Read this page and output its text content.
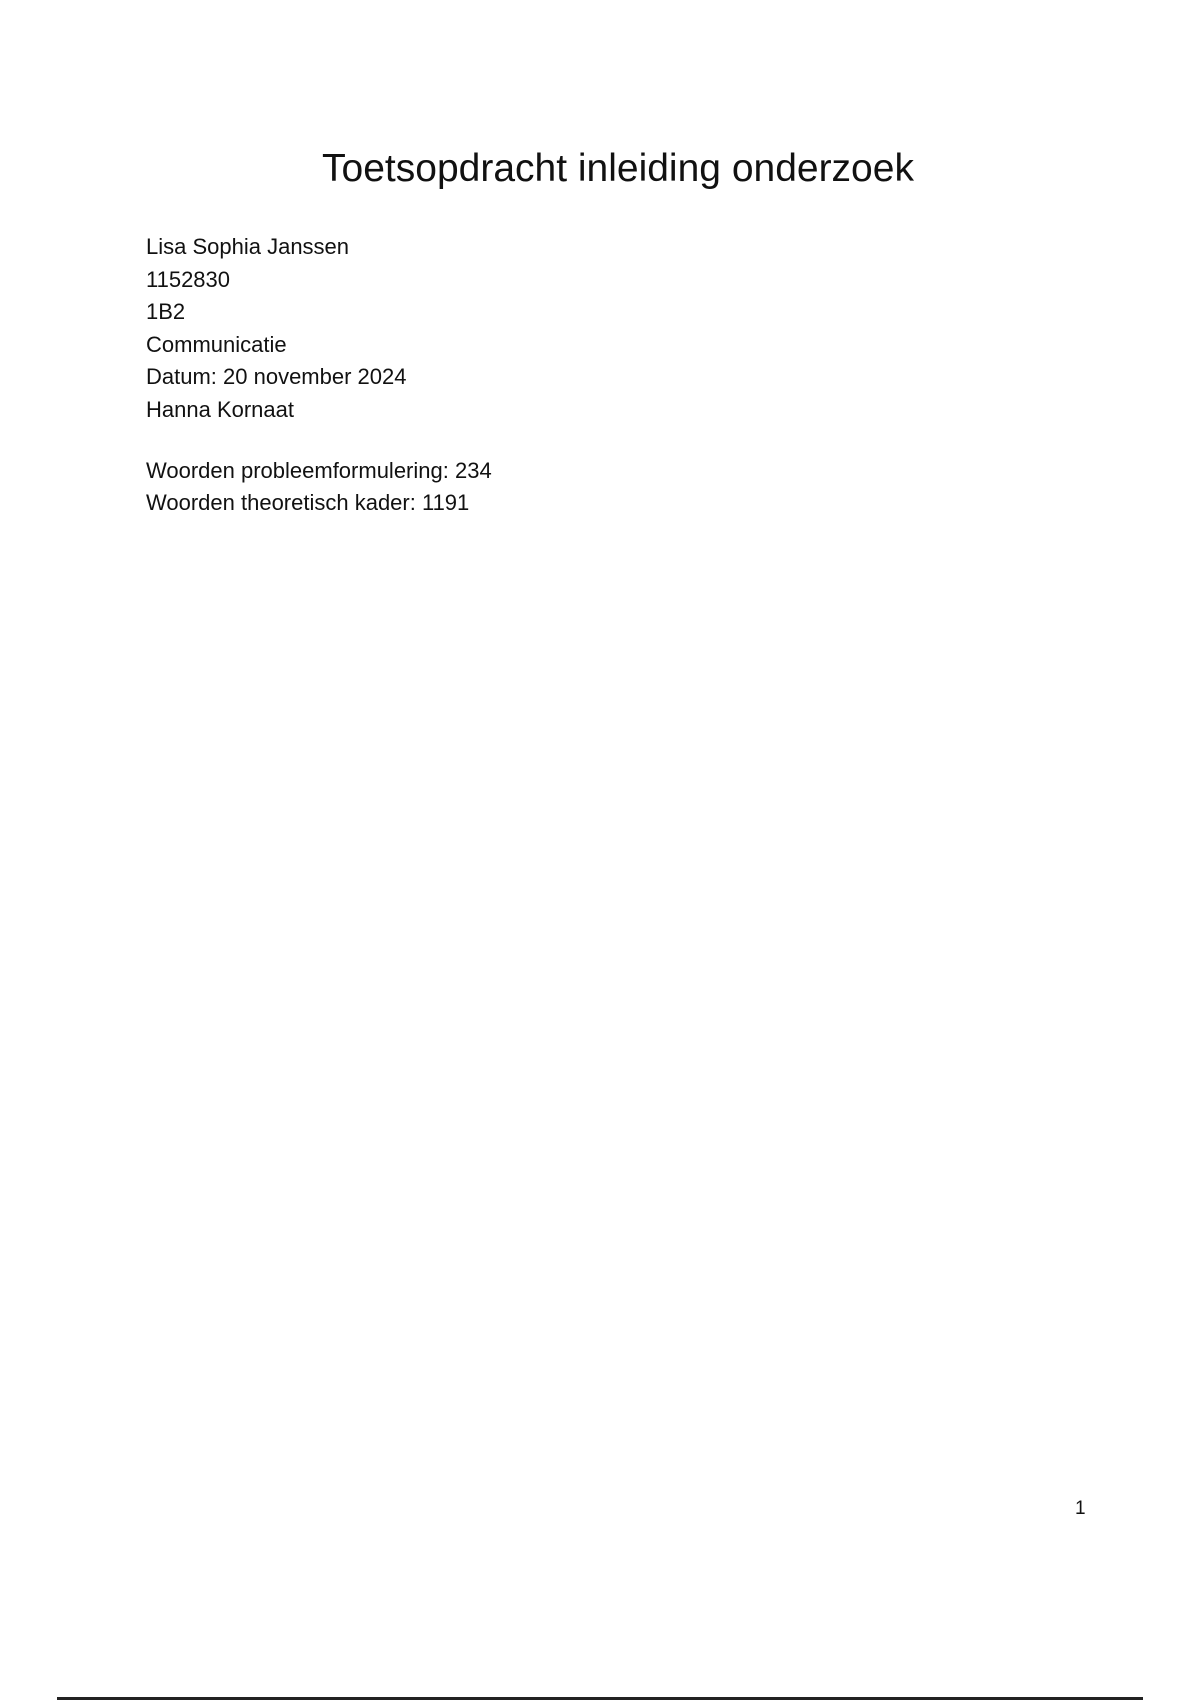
Toetsopdracht inleiding onderzoek
Lisa Sophia Janssen
1152830
1B2
Communicatie
Datum: 20 november 2024
Hanna Kornaat
Woorden probleemformulering: 234
Woorden theoretisch kader: 1191
1
